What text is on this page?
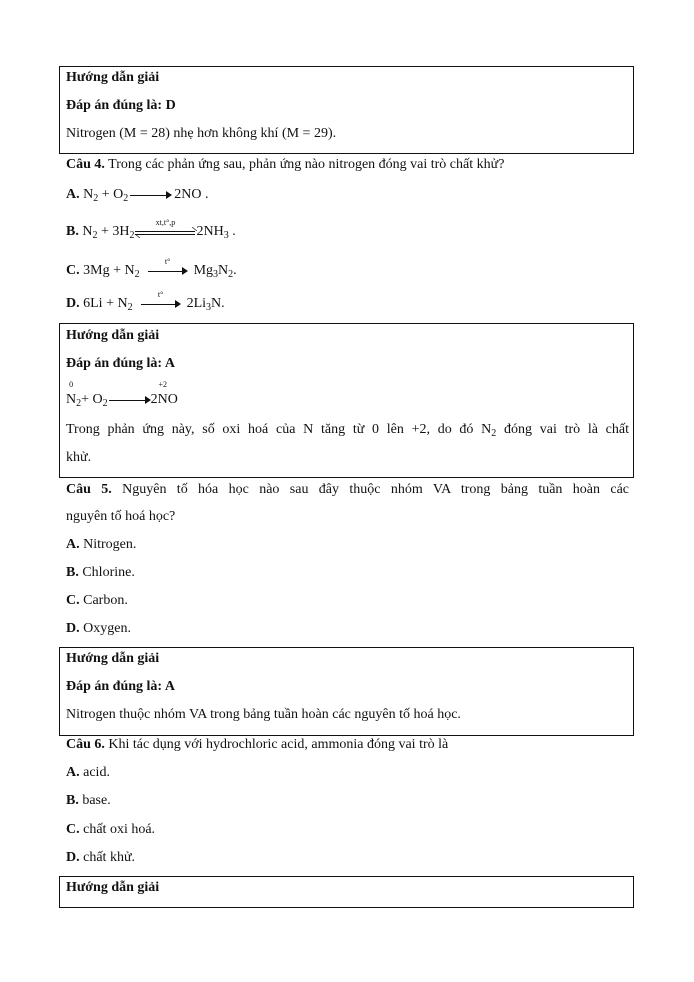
Hướng dẫn giải
Đáp án đúng là: D
Nitrogen (M = 28) nhẹ hơn không khí (M = 29).
Câu 4. Trong các phản ứng sau, phản ứng nào nitrogen đóng vai trò chất khử?
A. $N_2 + O_2$	2NO .
B. $N_2 + 3H_2$
xt,t°,p
$2NH_3$ .
C. $3Mg + N_2$
t°
$Mg_3N_2$.
D. $6Li + N_2$
t°
$2Li_3N$.
Hướng dẫn giải
Đáp án đúng là: A
0
$N_2+ O_2$	2
+2
NO
Trong phản ứng này, số oxi hoá của N tăng từ 0 lên +2, do đó $N_2$ đóng vai trò là chất
khử.
Câu 5. Nguyên tố hóa học nào sau đây thuộc nhóm VA trong bảng tuần hoàn các
nguyên tố hoá học?
A. Nitrogen.
B. Chlorine.
C. Carbon.
D. Oxygen.
Hướng dẫn giải
Đáp án đúng là: A
Nitrogen thuộc nhóm VA trong bảng tuần hoàn các nguyên tố hoá học.
Câu 6. Khi tác dụng với hydrochloric acid, ammonia đóng vai trò là
A. acid.
B. base.
C. chất oxi hoá.
D. chất khử.
Hướng dẫn giải
